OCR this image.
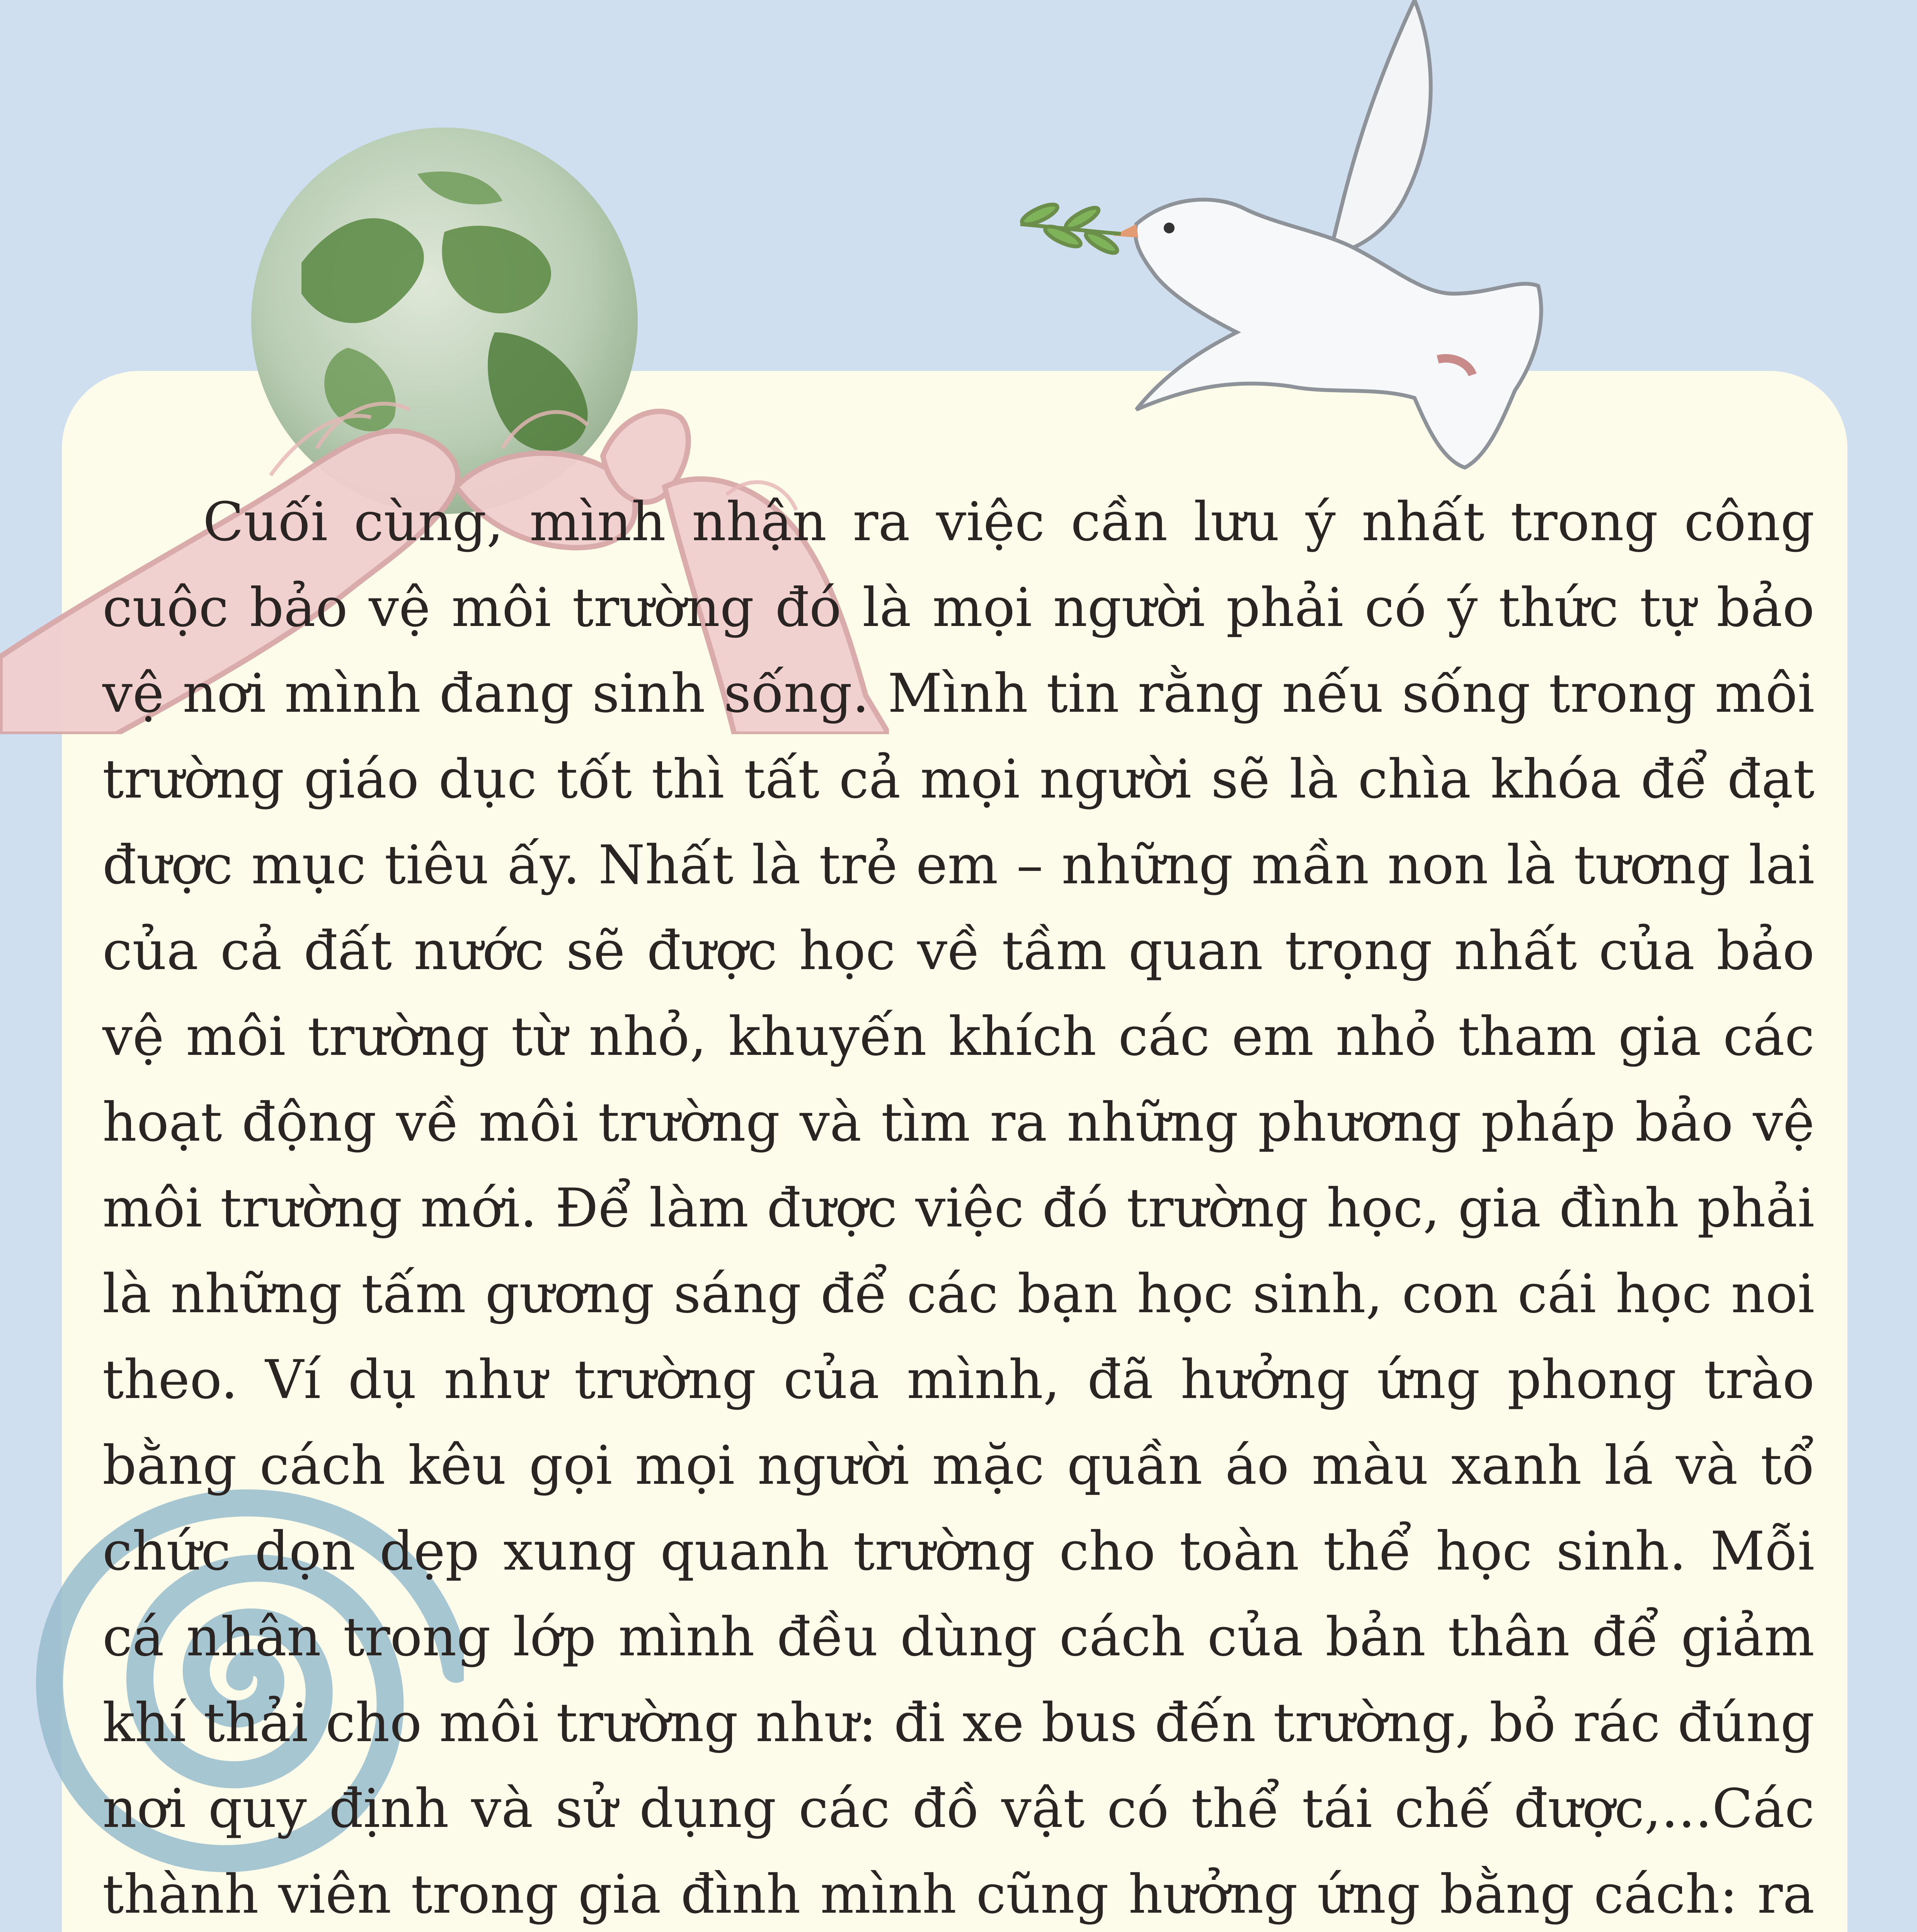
Cuối cùng, mình nhận ra việc cần lưu ý nhất trong công cuộc bảo vệ môi trường đó là mọi người phải có ý thức tự bảo vệ nơi mình đang sinh sống. Mình tin rằng nếu sống trong môi trường giáo dục tốt thì tất cả mọi người sẽ là chìa khóa để đạt được mục tiêu ấy. Nhất là trẻ em – những mần non là tương lai của cả đất nước sẽ được học về tầm quan trọng nhất của bảo vệ môi trường từ nhỏ, khuyến khích các em nhỏ tham gia các hoạt động về môi trường và tìm ra những phương pháp bảo vệ môi trường mới. Để làm được việc đó trường học, gia đình phải là những tấm gương sáng để các bạn học sinh, con cái học noi theo. Ví dụ như trường của mình, đã hưởng ứng phong trào bằng cách kêu gọi mọi người mặc quần áo màu xanh lá và tổ chức dọn dẹp xung quanh trường cho toàn thể học sinh. Mỗi cá nhân trong lớp mình đều dùng cách của bản thân để giảm khí thải cho môi trường như: đi xe bus đến trường, bỏ rác đúng nơi quy định và sử dụng các đồ vật có thể tái chế được,...Các thành viên trong gia đình mình cũng hưởng ứng bằng cách: ra
